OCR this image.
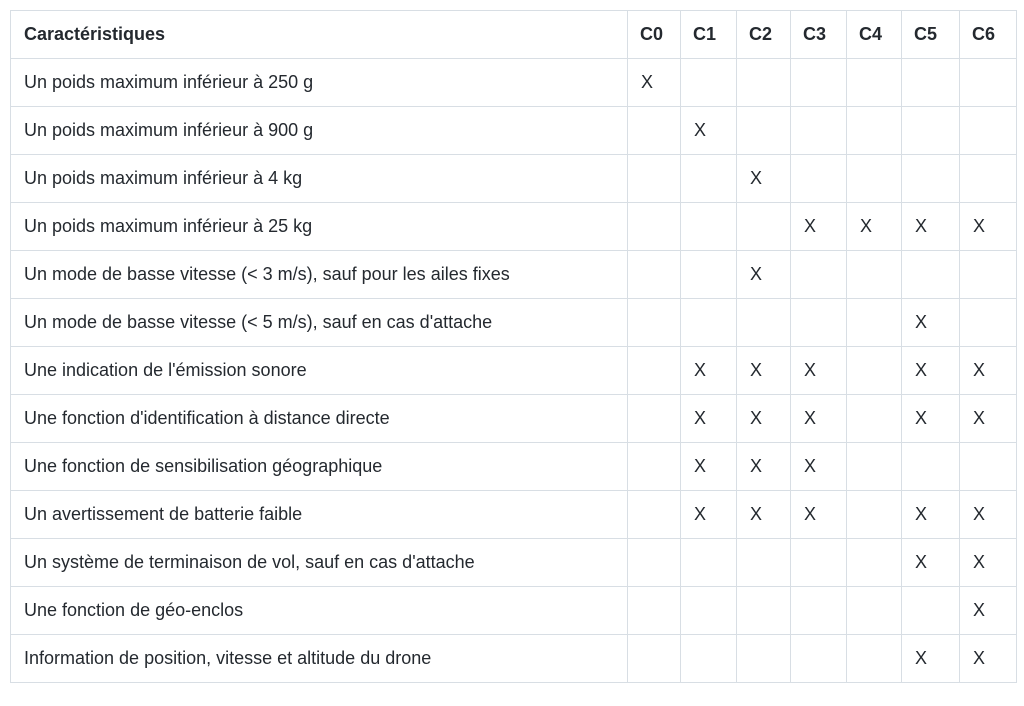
Caractéristiques	C0	C1	C2	C3	C4	C5	C6
Un poids maximum inférieur à 250 g	X						
Un poids maximum inférieur à 900 g		X					
Un poids maximum inférieur à 4 kg			X				
Un poids maximum inférieur à 25 kg				X	X	X	X
Un mode de basse vitesse (< 3 m/s), sauf pour les ailes fixes			X				
Un mode de basse vitesse (< 5 m/s), sauf en cas d'attache						X	
Une indication de l'émission sonore		X	X	X		X	X
Une fonction d'identification à distance directe		X	X	X		X	X
Une fonction de sensibilisation géographique		X	X	X			
Un avertissement de batterie faible		X	X	X		X	X
Un système de terminaison de vol, sauf en cas d'attache						X	X
Une fonction de géo-enclos							X
Information de position, vitesse et altitude du drone						X	X
